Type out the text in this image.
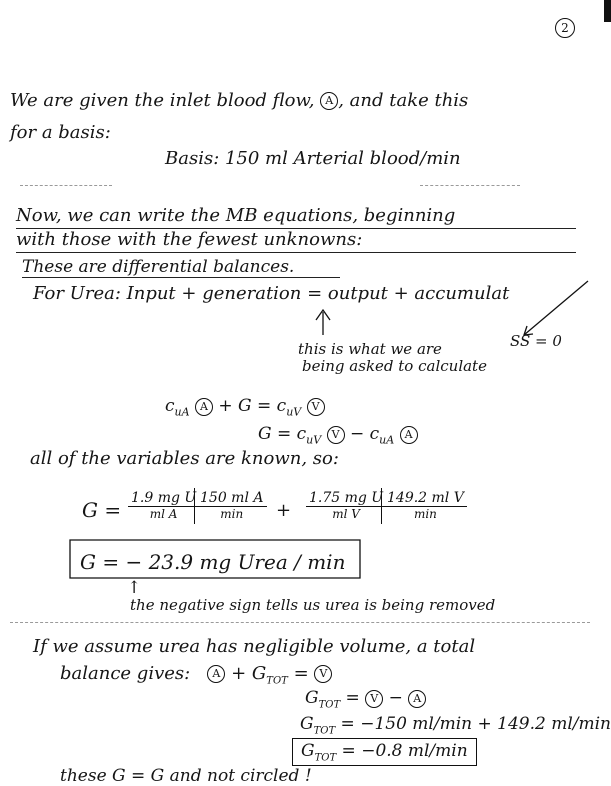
2
We are given the inlet blood flow, A , and take this
for a basis:
Basis: 150 ml Arterial blood/min
Now, we can write the MB equations, beginning
with those with the fewest unknowns:
These are differential balances.
For Urea: Input + generation = output + accumulat
SS = 0
this is what we are
being asked to calculate
$c_{uA}$ $A + G = c_{uV}$ V
$G = c_{uV}$ $V - c_{uA}$ A
all of the variables are known, so:
$G = \frac{\text{1.9 mg U}}{\text{ml A}} 150$ ml A
min	+ $\frac{\text{1.75 mg U}}{\text{ml V}} 149.2$ ml V
min
G = − 23.9 mg Urea / min
↑
the negative sign tells us urea is being removed
If we assume urea has negligible volume, a total
balance gives: $A + G_{TOT} = V$
$G_{TOT} = V - A$
$G_{TOT} = -150$ ml/min + 149.2 ml/min
$G_{TOT} = -0.8$ ml/min
these G = G and not circled !
